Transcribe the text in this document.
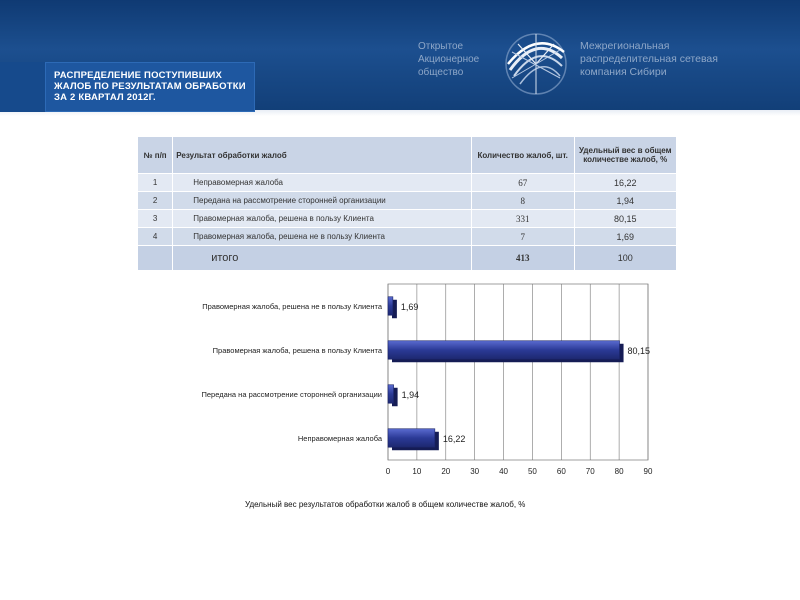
РАСПРЕДЕЛЕНИЕ ПОСТУПИВШИХ ЖАЛОБ ПО РЕЗУЛЬТАТАМ ОБРАБОТКИ ЗА 2 КВАРТАЛ 2012Г.
Открытое
Акционерное
общество
Межрегиональная
распределительная сетевая
компания Сибири
№ п/п	Результат обработки жалоб	Количество жалоб, шт.	Удельный вес в общем количестве жалоб, %
1	Неправомерная жалоба	67	16,22
2	Передана на рассмотрение сторонней организации	8	1,94
3	Правомерная жалоба, решена в пользу Клиента	331	80,15
4	Правомерная жалоба, решена не в пользу Клиента	7	1,69
	итого	413	100
0	10 20 30 40 50 60 70 80 90
1,69
Правомерная жалоба, решена не в пользу Клиента
80,15
Правомерная жалоба, решена в пользу Клиента
1,94
Передана на рассмотрение сторонней организации
16,22
Неправомерная жалоба
Удельный вес результатов обработки жалоб в общем количестве жалоб, %
